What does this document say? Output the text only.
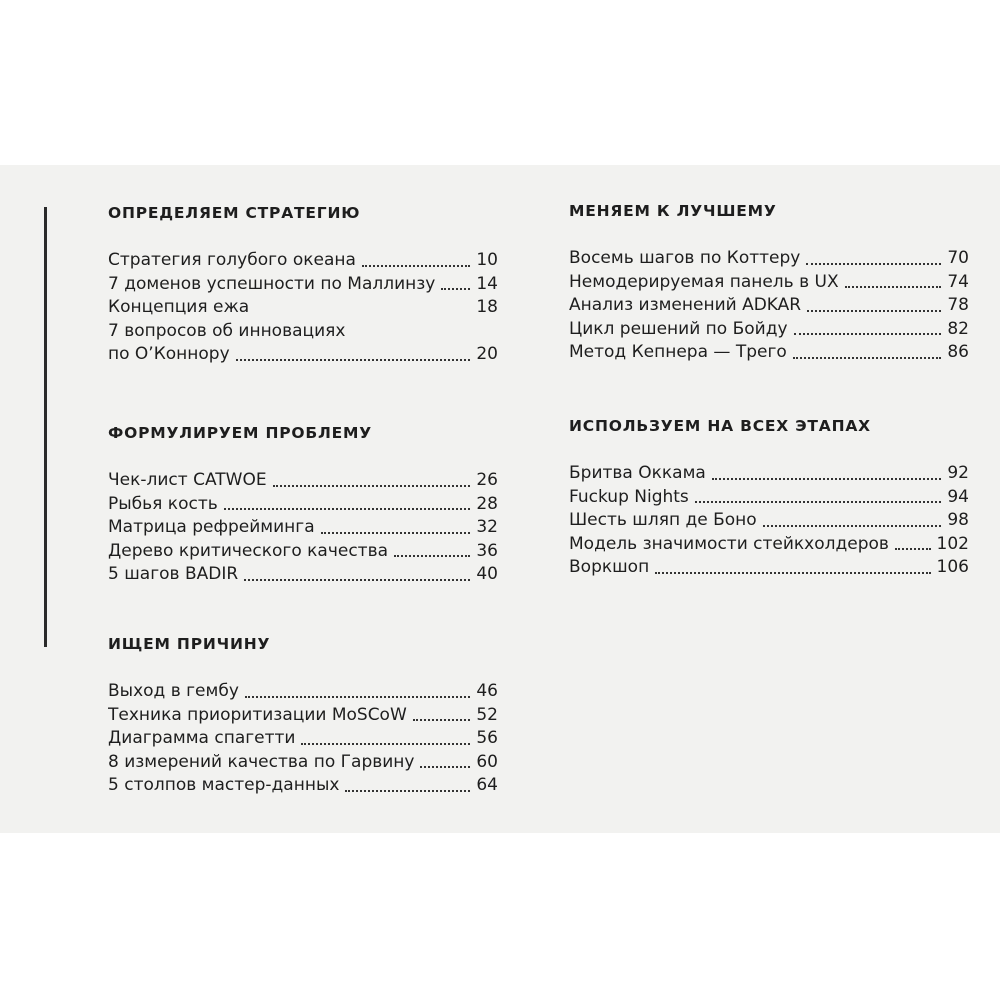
ОПРЕДЕЛЯЕМ СТРАТЕГИЮ
Стратегия голубого океана	10
7 доменов успешности по Маллинзу 14
Концепция ежа	18
7 вопросов об инновациях
по О’Коннору	20
ФОРМУЛИРУЕМ ПРОБЛЕМУ
Чек-лист CATWOE	26
Рыбья кость	28
Матрица рефрейминга	32
Дерево критического качества	36
5 шагов BADIR	40
ИЩЕМ ПРИЧИНУ
Выход в гембу	46
Техника приоритизации MoSCoW	52
Диаграмма спагетти	56
8 измерений качества по Гарвину	60
5 столпов мастер-данных	64
МЕНЯЕМ К ЛУЧШЕМУ
Восемь шагов по Коттеру	70
Немодерируемая панель в UX	74
Анализ изменений ADKAR	78
Цикл решений по Бойду	82
Метод Кепнера — Трего	86
ИСПОЛЬЗУЕМ НА ВСЕХ ЭТАПАХ
Бритва Оккама	92
Fuckup Nights	94
Шесть шляп де Боно	98
Модель значимости стейкхолдеров	102
Воркшоп	106
